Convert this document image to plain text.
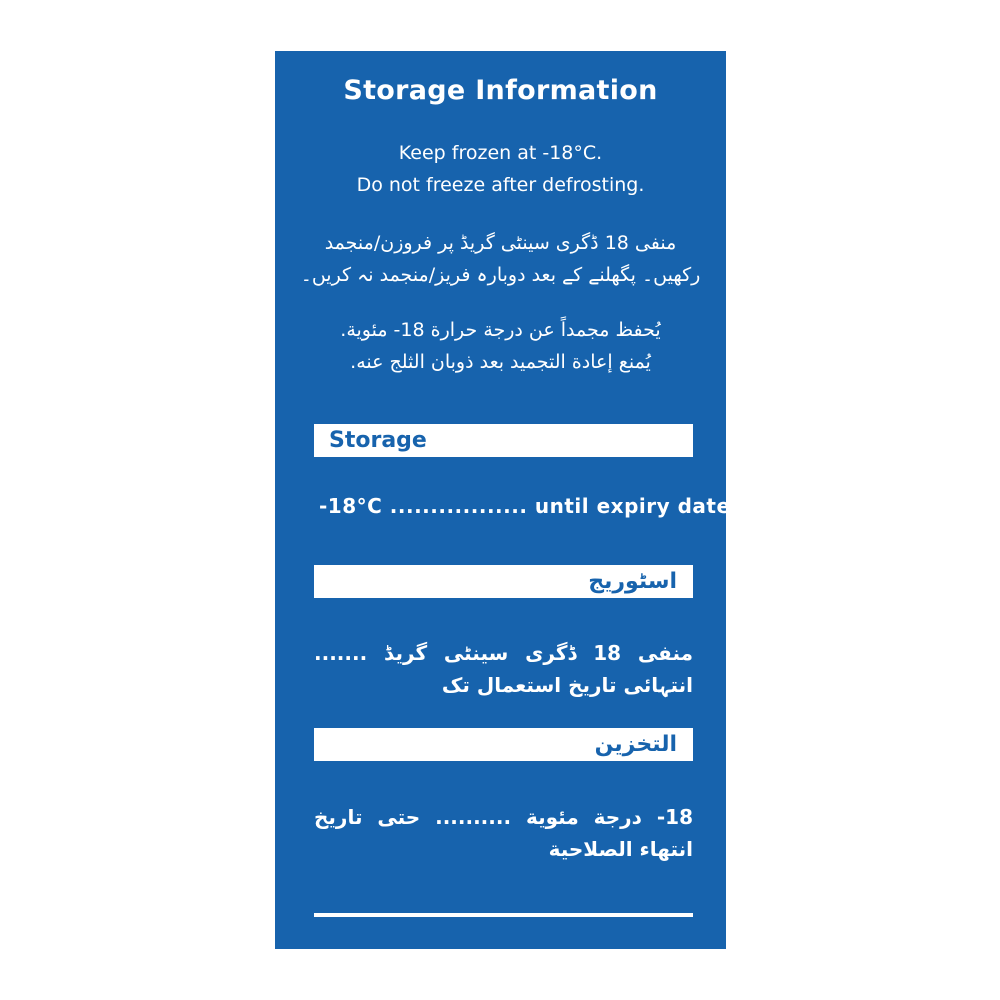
Storage Information
Keep frozen at -18°C.
Do not freeze after defrosting.
منفی 18 ڈگری سینٹی گریڈ پر فروزن/منجمد
رکھیں۔ پگھلنے کے بعد دوبارہ فریز/منجمد نہ کریں۔
يُحفظ مجمداً عن درجة حرارة 18- مئوية.
يُمنع إعادة التجميد بعد ذوبان الثلج عنه.
Storage
-18°C ................. until expiry date
اسٹوریج
منفی 18 ڈگری سینٹی گریڈ ....... انتہائی تاریخ استعمال تک
التخزين
18- درجة مئوية .......... حتى تاريخ انتهاء الصلاحية
